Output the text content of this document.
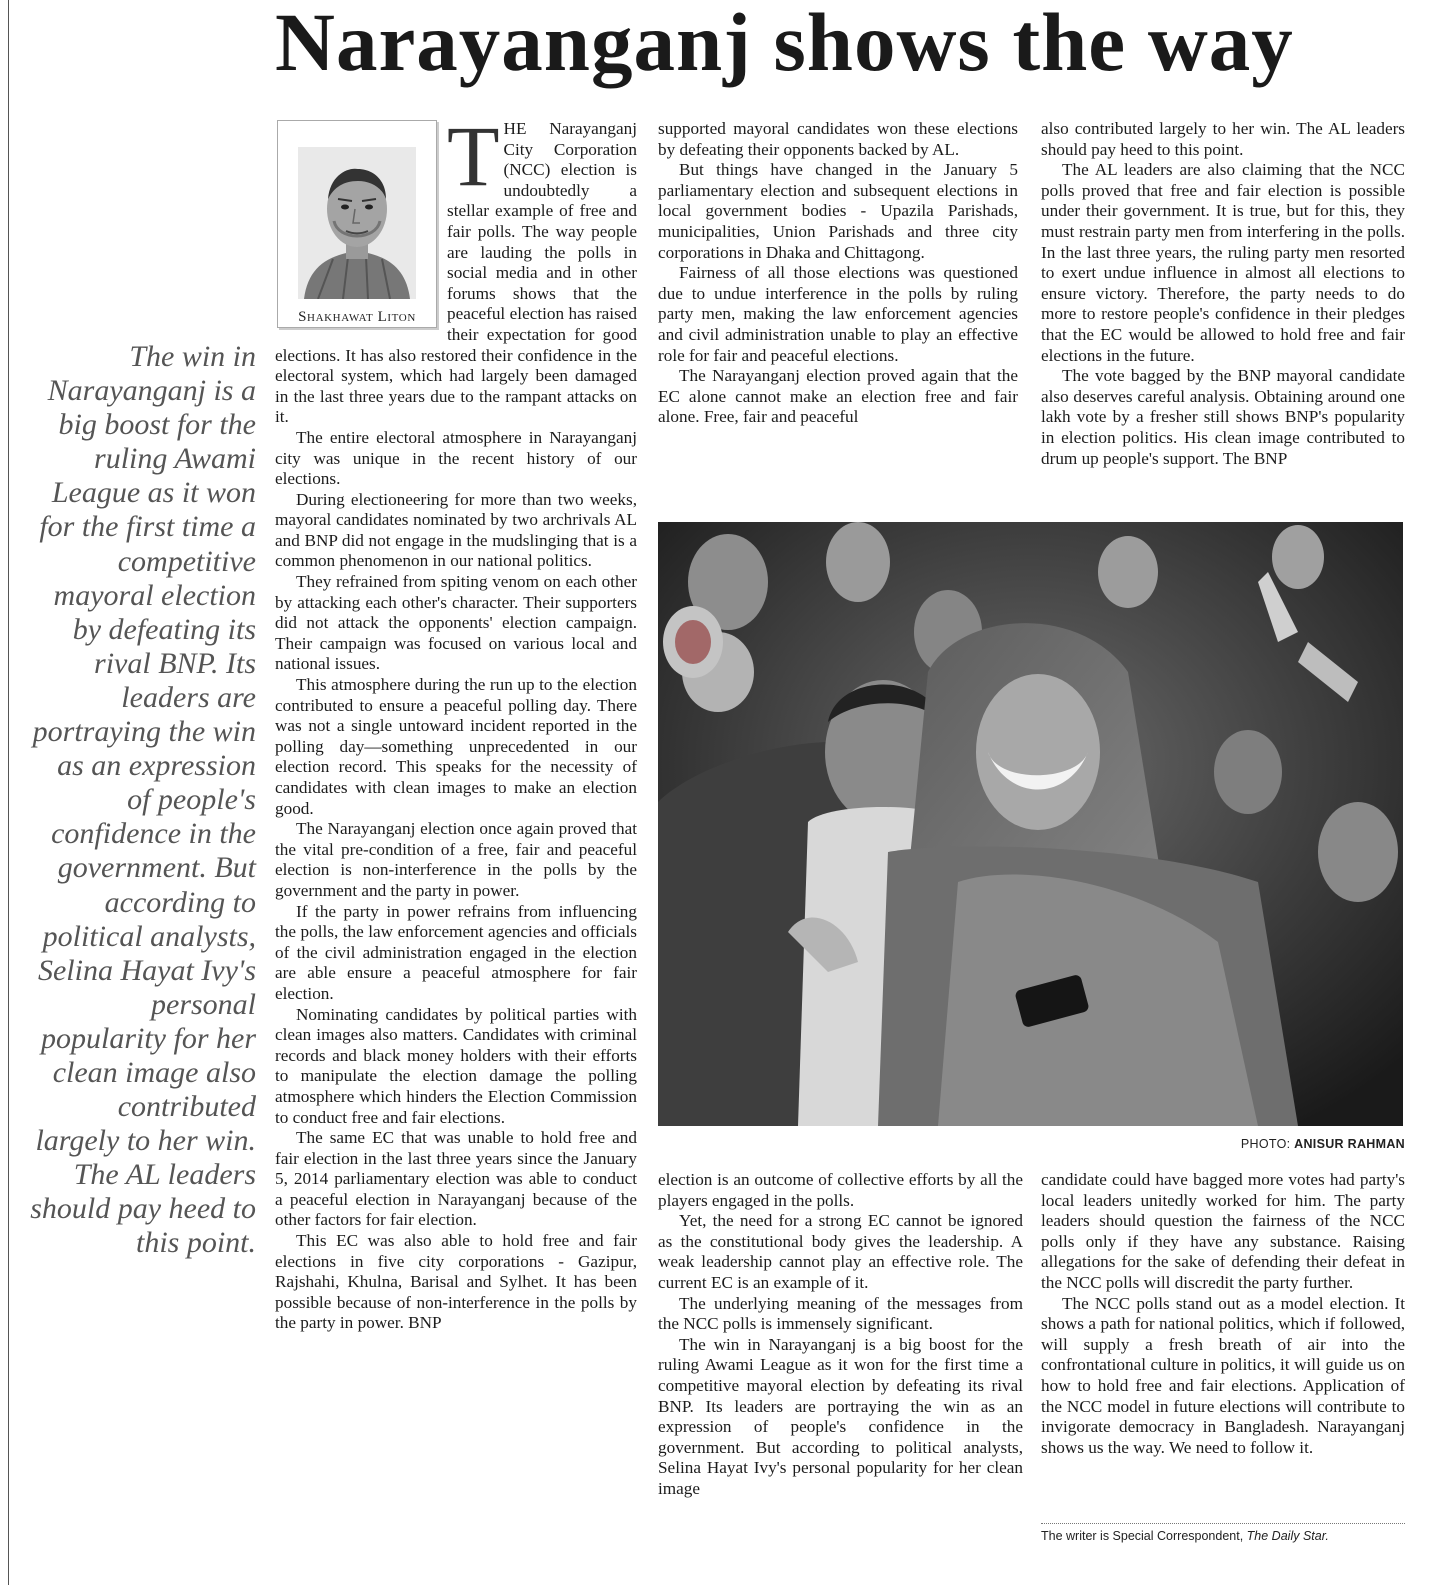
Narayanganj shows the way

The win in Narayanganj is a big boost for the ruling Awami League as it won for the first time a competitive mayoral election by defeating its rival BNP. Its leaders are portraying the win as an expression of people's confidence in the government. But according to political analysts, Selina Hayat Ivy's personal popularity for her clean image also contributed largely to her win. The AL leaders should pay heed to this point.

Shakhawat Liton
T HE Narayanganj City Corporation (NCC) election is undoubtedly a stellar example of free and fair polls. The way people are lauding the polls in social media and in other forums shows that the peaceful election has raised their expectation for good elections. It has also restored their confidence in the electoral system, which had largely been damaged in the last three years due to the rampant attacks on it.

The entire electoral atmosphere in Narayanganj city was unique in the recent history of our elections.

During electioneering for more than two weeks, mayoral candidates nominated by two archrivals AL and BNP did not engage in the mudslinging that is a common phenomenon in our national politics.

They refrained from spiting venom on each other by attacking each other's character. Their supporters did not attack the opponents' election campaign. Their campaign was focused on various local and national issues.

This atmosphere during the run up to the election contributed to ensure a peaceful polling day. There was not a single untoward incident reported in the polling day—something unprecedented in our election record. This speaks for the necessity of candidates with clean images to make an election good.

The Narayanganj election once again proved that the vital pre-condition of a free, fair and peaceful election is non-interference in the polls by the government and the party in power.

If the party in power refrains from influencing the polls, the law enforcement agencies and officials of the civil administration engaged in the election are able ensure a peaceful atmosphere for fair election.

Nominating candidates by political parties with clean images also matters. Candidates with criminal records and black money holders with their efforts to manipulate the election damage the polling atmosphere which hinders the Election Commission to conduct free and fair elections.

The same EC that was unable to hold free and fair election in the last three years since the January 5, 2014 parliamentary election was able to conduct a peaceful election in Narayanganj because of the other factors for fair election.

This EC was also able to hold free and fair elections in five city corporations - Gazipur, Rajshahi, Khulna, Barisal and Sylhet. It has been possible because of non-interference in the polls by the party in power. BNP

supported mayoral candidates won these elections by defeating their opponents backed by AL.

But things have changed in the January 5 parliamentary election and subsequent elections in local government bodies - Upazila Parishads, municipalities, Union Parishads and three city corporations in Dhaka and Chittagong.

Fairness of all those elections was questioned due to undue interference in the polls by ruling party men, making the law enforcement agencies and civil administration unable to play an effective role for fair and peaceful elections.

The Narayanganj election proved again that the EC alone cannot make an election free and fair alone. Free, fair and peaceful

also contributed largely to her win. The AL leaders should pay heed to this point.

The AL leaders are also claiming that the NCC polls proved that free and fair election is possible under their government. It is true, but for this, they must restrain party men from interfering in the polls. In the last three years, the ruling party men resorted to exert undue influence in almost all elections to ensure victory. Therefore, the party needs to do more to restore people's confidence in their pledges that the EC would be allowed to hold free and fair elections in the future.

The vote bagged by the BNP mayoral candidate also deserves careful analysis. Obtaining around one lakh vote by a fresher still shows BNP's popularity in election politics. His clean image contributed to drum up people's support. The BNP

PHOTO: ANISUR RAHMAN

election is an outcome of collective efforts by all the players engaged in the polls.

Yet, the need for a strong EC cannot be ignored as the constitutional body gives the leadership. A weak leadership cannot play an effective role. The current EC is an example of it.

The underlying meaning of the messages from the NCC polls is immensely significant.

The win in Narayanganj is a big boost for the ruling Awami League as it won for the first time a competitive mayoral election by defeating its rival BNP. Its leaders are portraying the win as an expression of people's confidence in the government. But according to political analysts, Selina Hayat Ivy's personal popularity for her clean image

candidate could have bagged more votes had party's local leaders unitedly worked for him. The party leaders should question the fairness of the NCC polls only if they have any substance. Raising allegations for the sake of defending their defeat in the NCC polls will discredit the party further.

The NCC polls stand out as a model election. It shows a path for national politics, which if followed, will supply a fresh breath of air into the confrontational culture in politics, it will guide us on how to hold free and fair elections. Application of the NCC model in future elections will contribute to invigorate democracy in Bangladesh. Narayanganj shows us the way. We need to follow it.

The writer is Special Correspondent, The Daily Star.
